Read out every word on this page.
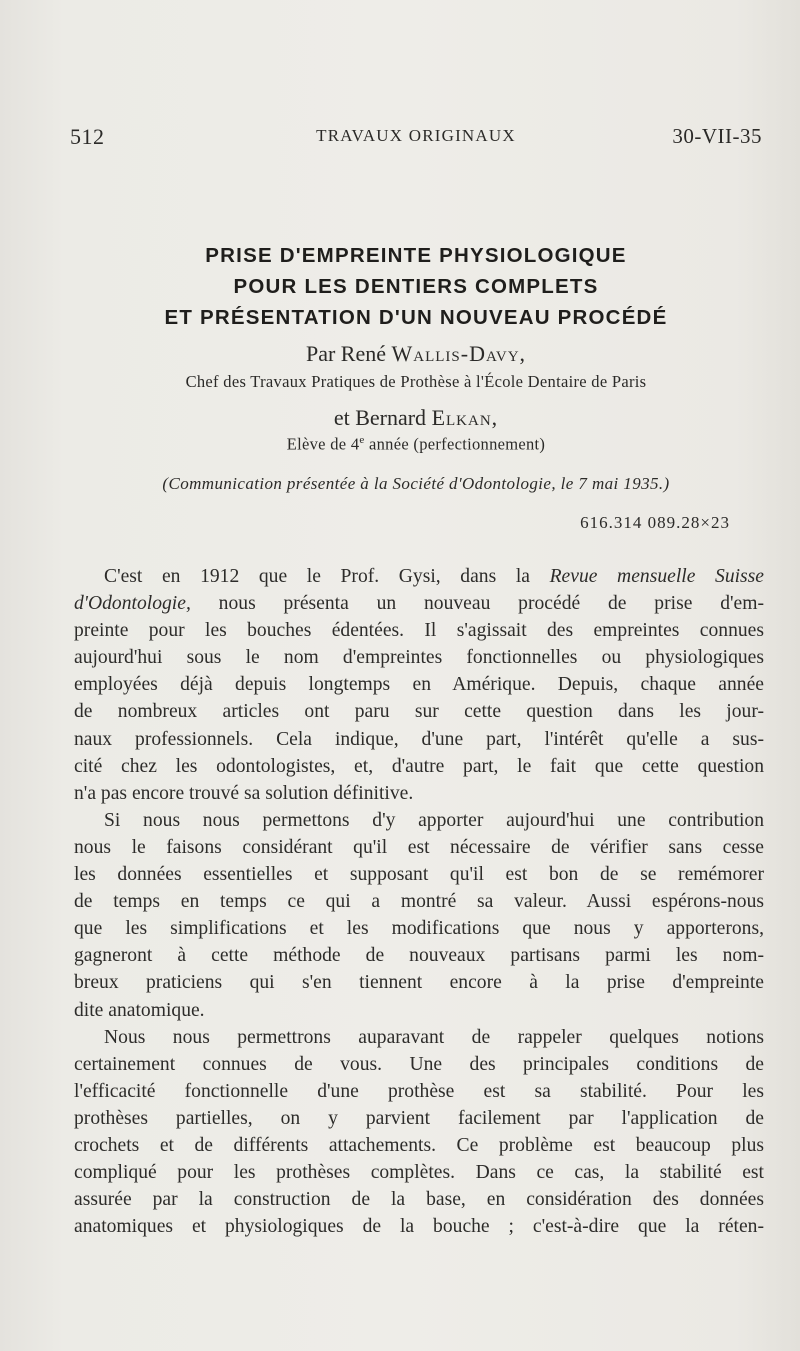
512	TRAVAUX ORIGINAUX	30-VII-35
PRISE D'EMPREINTE PHYSIOLOGIQUE
POUR LES DENTIERS COMPLETS
ET PRÉSENTATION D'UN NOUVEAU PROCÉDÉ
Par René Wallis-Davy,
Chef des Travaux Pratiques de Prothèse à l'École Dentaire de Paris
et Bernard Elkan,
Elève de 4e année (perfectionnement)
(Communication présentée à la Société d'Odontologie, le 7 mai 1935.)
616.314 089.28×23
C'est en 1912 que le Prof. Gysi, dans la Revue mensuelle Suisse
d'Odontologie, nous présenta un nouveau procédé de prise d'em-
preinte pour les bouches édentées. Il s'agissait des empreintes connues
aujourd'hui sous le nom d'empreintes fonctionnelles ou physiologiques
employées déjà depuis longtemps en Amérique. Depuis, chaque année
de nombreux articles ont paru sur cette question dans les jour-
naux professionnels. Cela indique, d'une part, l'intérêt qu'elle a sus-
cité chez les odontologistes, et, d'autre part, le fait que cette question
n'a pas encore trouvé sa solution définitive.
Si nous nous permettons d'y apporter aujourd'hui une contribution
nous le faisons considérant qu'il est nécessaire de vérifier sans cesse
les données essentielles et supposant qu'il est bon de se remémorer
de temps en temps ce qui a montré sa valeur. Aussi espérons-nous
que les simplifications et les modifications que nous y apporterons,
gagneront à cette méthode de nouveaux partisans parmi les nom-
breux praticiens qui s'en tiennent encore à la prise d'empreinte
dite anatomique.
Nous nous permettrons auparavant de rappeler quelques notions
certainement connues de vous. Une des principales conditions de
l'efficacité fonctionnelle d'une prothèse est sa stabilité. Pour les
prothèses partielles, on y parvient facilement par l'application de
crochets et de différents attachements. Ce problème est beaucoup plus
compliqué pour les prothèses complètes. Dans ce cas, la stabilité est
assurée par la construction de la base, en considération des données
anatomiques et physiologiques de la bouche ; c'est-à-dire que la réten-
